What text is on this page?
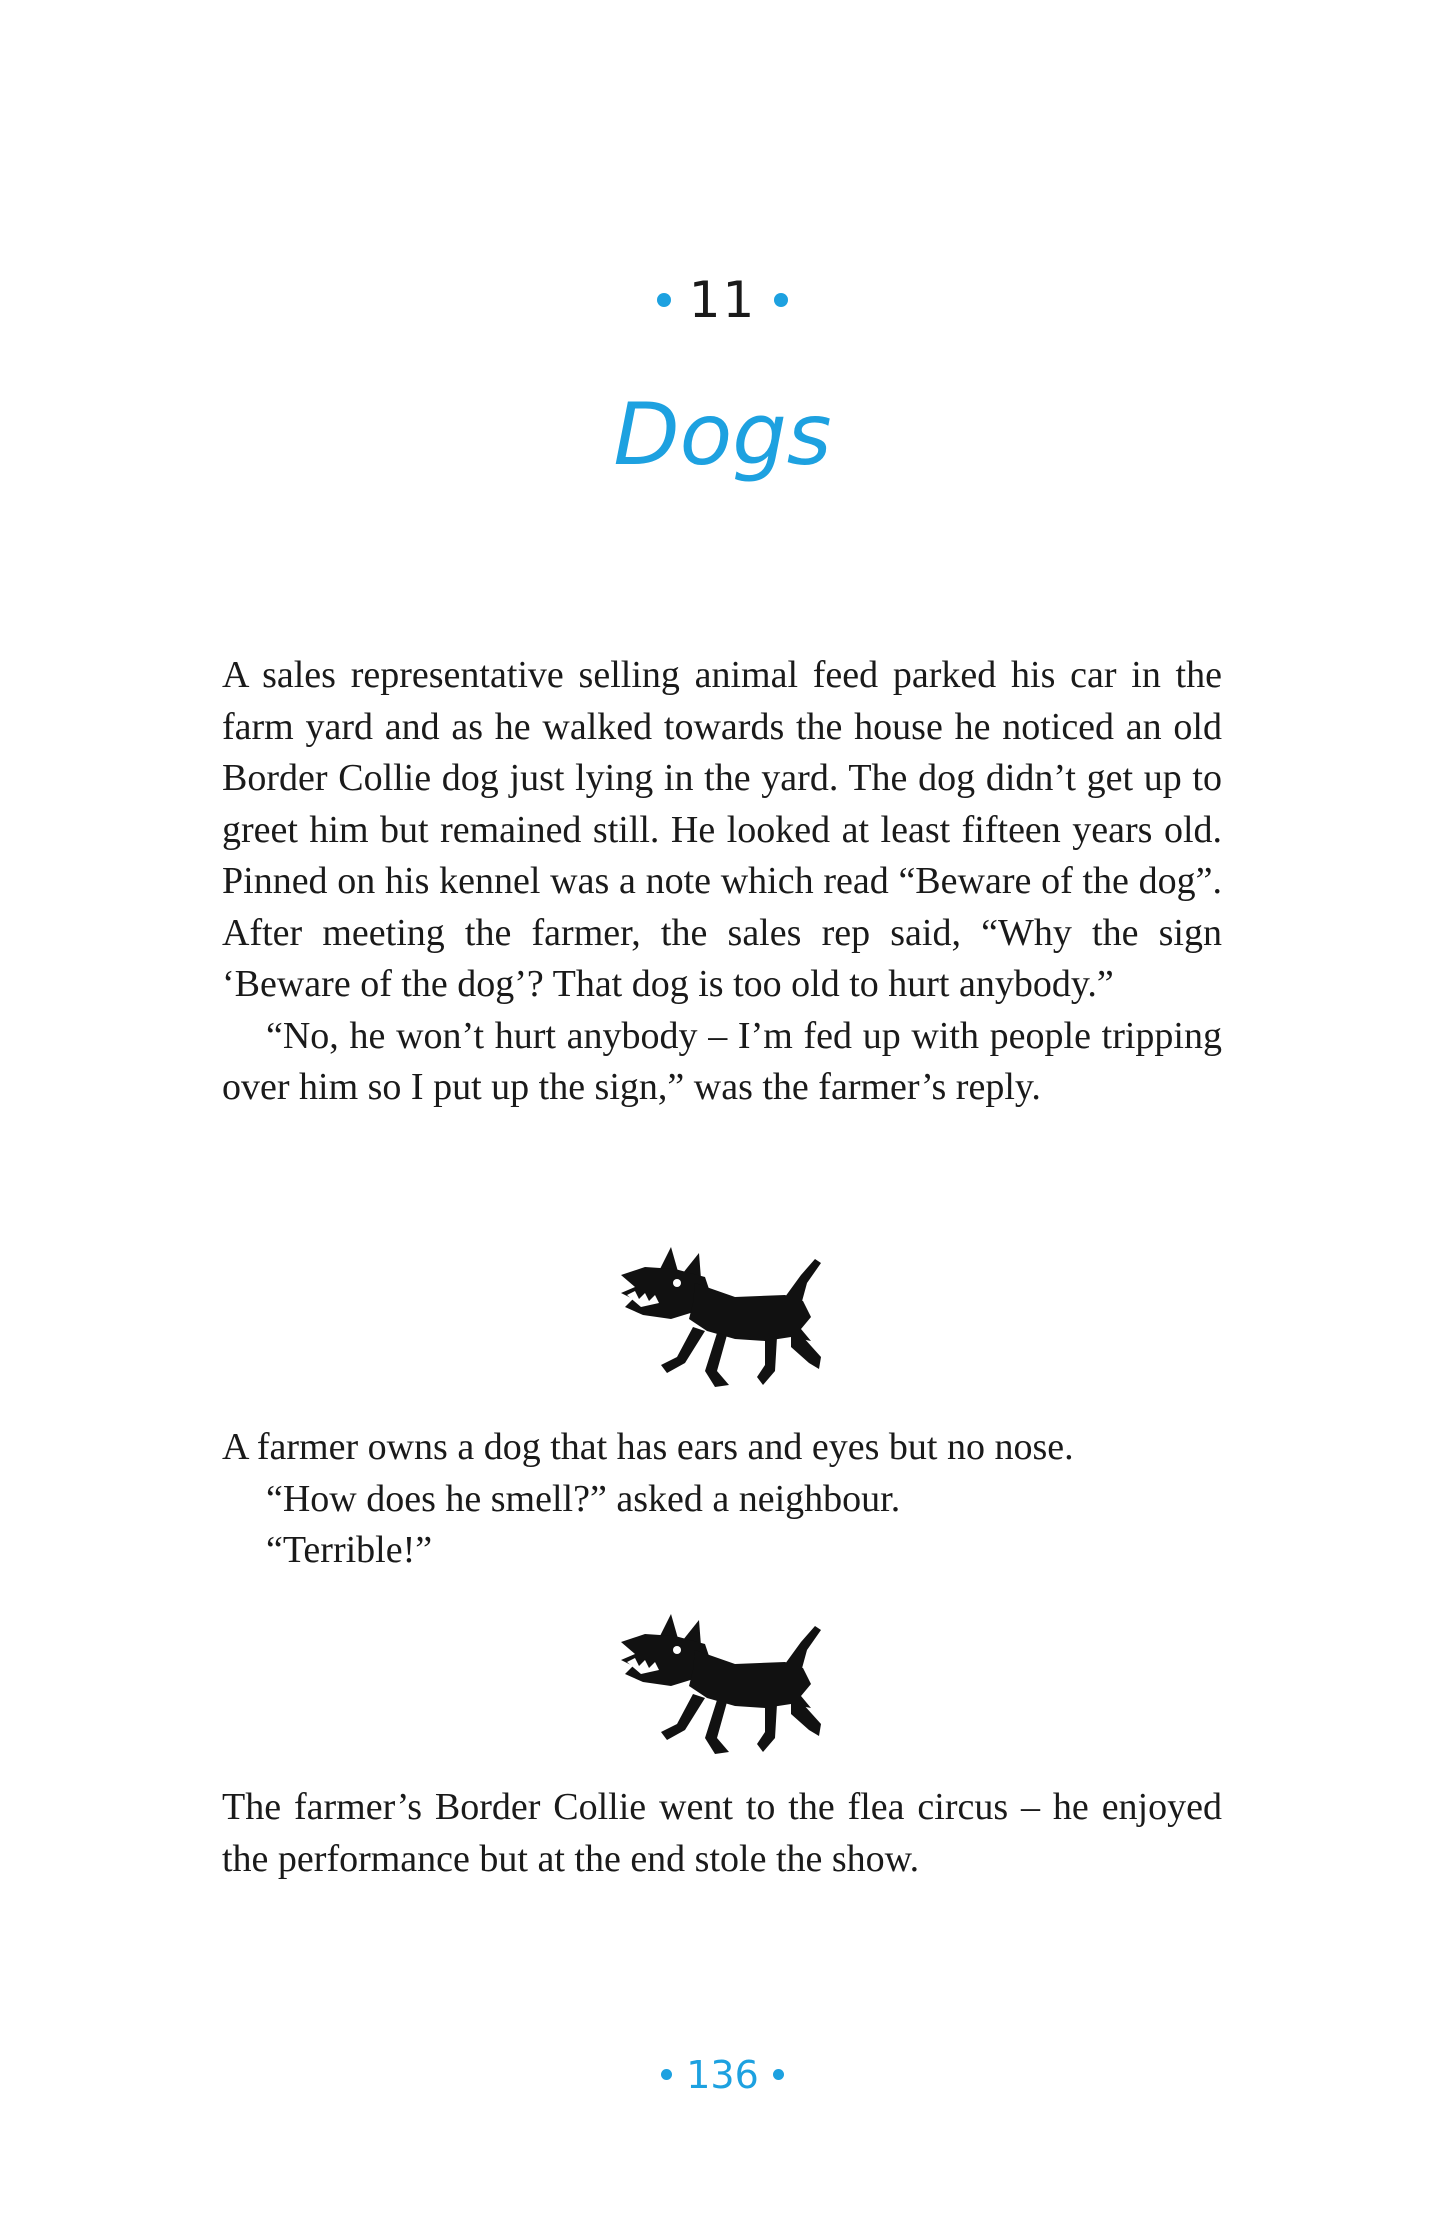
11
Dogs

A sales representative selling animal feed parked his car in the farm yard and as he walked towards the house he noticed an old Border Collie dog just lying in the yard. The dog didn’t get up to greet him but remained still. He looked at least fifteen years old. Pinned on his kennel was a note which read “Beware of the dog”. After meeting the farmer, the sales rep said, “Why the sign ‘Beware of the dog’? That dog is too old to hurt anybody.”

“No, he won’t hurt anybody – I’m fed up with people tripping over him so I put up the sign,” was the farmer’s reply.

A farmer owns a dog that has ears and eyes but no nose.

“How does he smell?” asked a neighbour.

“Terrible!”

The farmer’s Border Collie went to the flea circus – he enjoyed the performance but at the end stole the show.

136
